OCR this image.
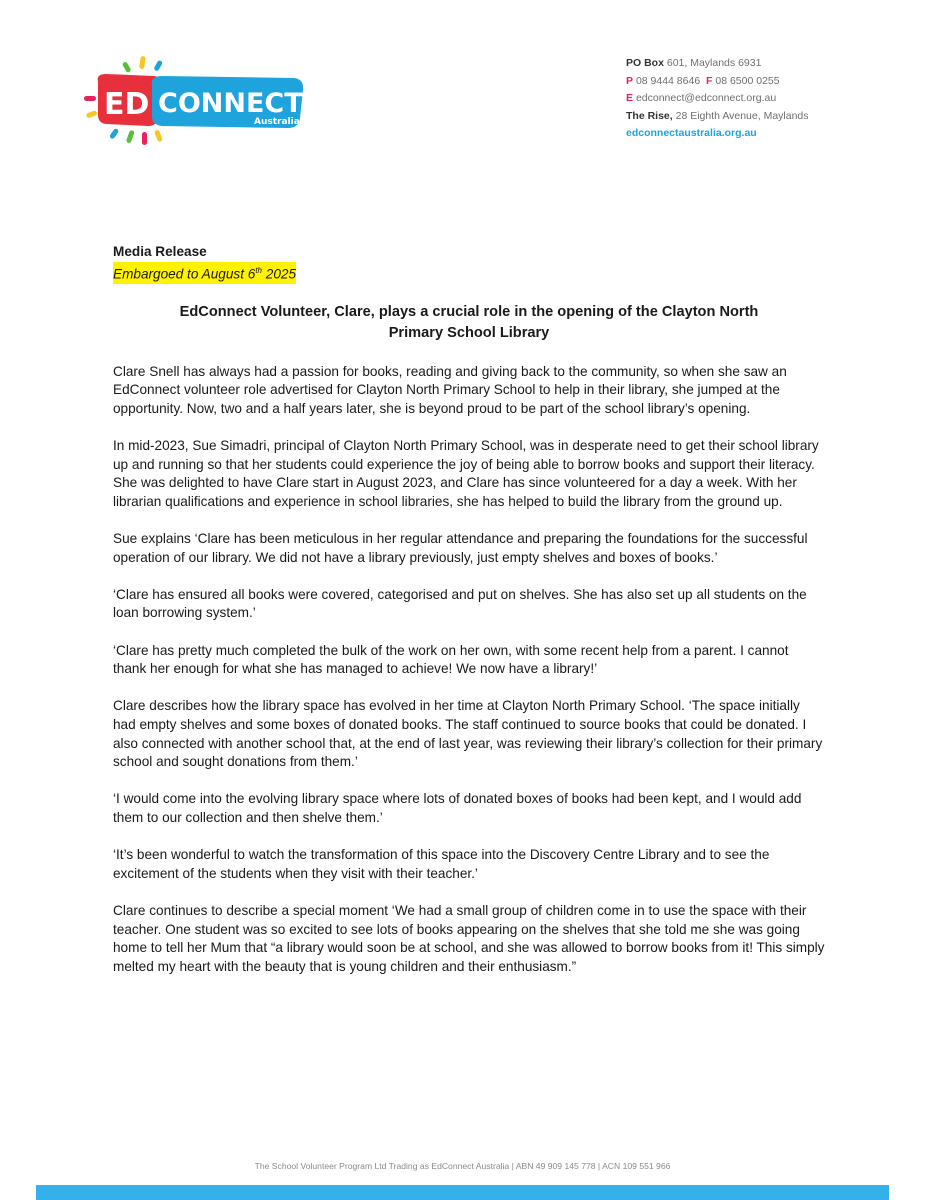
ED CONNECT
Australia
PO Box 601, Maylands 6931
P 08 9444 8646 F 08 6500 0255
E edconnect@edconnect.org.au
The Rise, 28 Eighth Avenue, Maylands
edconnectaustralia.org.au

Media Release

Embargoed to August 6th 2025

EdConnect Volunteer, Clare, plays a crucial role in the opening of the Clayton North Primary School Library

Clare Snell has always had a passion for books, reading and giving back to the community, so when she saw an EdConnect volunteer role advertised for Clayton North Primary School to help in their library, she jumped at the opportunity. Now, two and a half years later, she is beyond proud to be part of the school library’s opening.

In mid-2023, Sue Simadri, principal of Clayton North Primary School, was in desperate need to get their school library up and running so that her students could experience the joy of being able to borrow books and support their literacy. She was delighted to have Clare start in August 2023, and Clare has since volunteered for a day a week. With her librarian qualifications and experience in school libraries, she has helped to build the library from the ground up.

Sue explains ‘Clare has been meticulous in her regular attendance and preparing the foundations for the successful operation of our library. We did not have a library previously, just empty shelves and boxes of books.’

‘Clare has ensured all books were covered, categorised and put on shelves. She has also set up all students on the loan borrowing system.’

‘Clare has pretty much completed the bulk of the work on her own, with some recent help from a parent. I cannot thank her enough for what she has managed to achieve! We now have a library!’

Clare describes how the library space has evolved in her time at Clayton North Primary School. ‘The space initially had empty shelves and some boxes of donated books. The staff continued to source books that could be donated. I also connected with another school that, at the end of last year, was reviewing their library’s collection for their primary school and sought donations from them.’

‘I would come into the evolving library space where lots of donated boxes of books had been kept, and I would add them to our collection and then shelve them.’

‘It’s been wonderful to watch the transformation of this space into the Discovery Centre Library and to see the excitement of the students when they visit with their teacher.’

Clare continues to describe a special moment ‘We had a small group of children come in to use the space with their teacher. One student was so excited to see lots of books appearing on the shelves that she told me she was going home to tell her Mum that “a library would soon be at school, and she was allowed to borrow books from it! This simply melted my heart with the beauty that is young children and their enthusiasm.”

The School Volunteer Program Ltd Trading as EdConnect Australia | ABN 49 909 145 778 | ACN 109 551 966
